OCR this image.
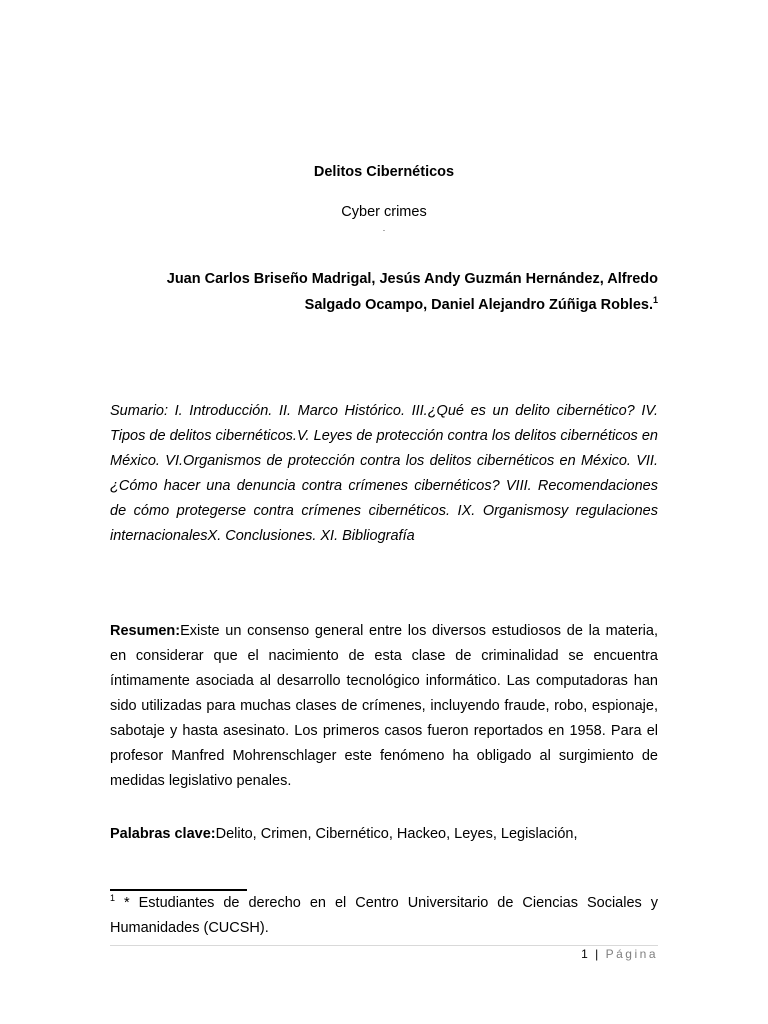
Delitos Cibernéticos
Cyber crimes
.
Juan Carlos Briseño Madrigal, Jesús Andy Guzmán Hernández, Alfredo
Salgado Ocampo, Daniel Alejandro Zúñiga Robles.$^1$
Sumario: I. Introducción. II. Marco Histórico. III.¿Qué es un delito cibernético? IV. Tipos de delitos cibernéticos.V. Leyes de protección contra los delitos cibernéticos en México. VI.Organismos de protección contra los delitos cibernéticos en México. VII. ¿Cómo hacer una denuncia contra crímenes cibernéticos? VIII. Recomendaciones de cómo protegerse contra crímenes cibernéticos. IX. Organismosy regulaciones internacionalesX. Conclusiones. XI. Bibliografía
Resumen:Existe un consenso general entre los diversos estudiosos de la materia, en considerar que el nacimiento de esta clase de criminalidad se encuentra íntimamente asociada al desarrollo tecnológico informático. Las computadoras han sido utilizadas para muchas clases de crímenes, incluyendo fraude, robo, espionaje, sabotaje y hasta asesinato. Los primeros casos fueron reportados en 1958. Para el profesor Manfred Mohrenschlager este fenómeno ha obligado al surgimiento de medidas legislativo penales.
Palabras clave:Delito, Crimen, Cibernético, Hackeo, Leyes, Legislación,
$^1$ * Estudiantes de derecho en el Centro Universitario de Ciencias Sociales y Humanidades (CUCSH).
1 | Página
